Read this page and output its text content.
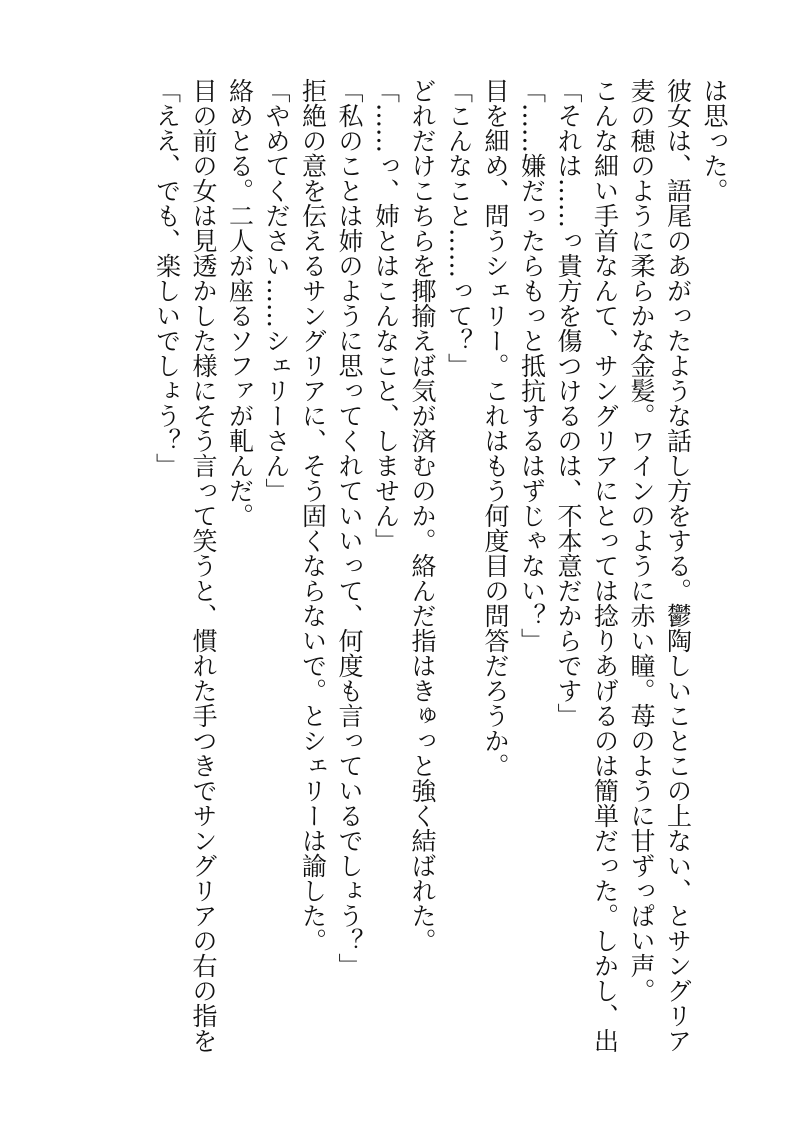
は思った。
彼女は、語尾のあがったような話し方をする。鬱陶しいことこの上ない、とサングリア
麦の穂のように柔らかな金髪。ワインのように赤い瞳。苺のように甘ずっぱい声。
こんな細い手首なんて、サングリアにとっては捻りあげるのは簡単だった。しかし、出
「それは……っ貴方を傷つけるのは、不本意だからです」
「……嫌だったらもっと抵抗するはずじゃない？」
目を細め、問うシェリー。これはもう何度目の問答だろうか。
「こんなこと……って？」
どれだけこちらを揶揄えば気が済むのか。絡んだ指はきゅっと強く結ばれた。
「……っ、姉とはこんなこと、しません」
「私のことは姉のように思ってくれていいって、何度も言っているでしょう？」
拒絶の意を伝えるサングリアに、そう固くならないで。とシェリーは諭した。
「やめてください……シェリーさん」
絡めとる。二人が座るソファが軋んだ。
目の前の女は見透かした様にそう言って笑うと、慣れた手つきでサングリアの右の指を
「ええ、でも、楽しいでしょう？」
